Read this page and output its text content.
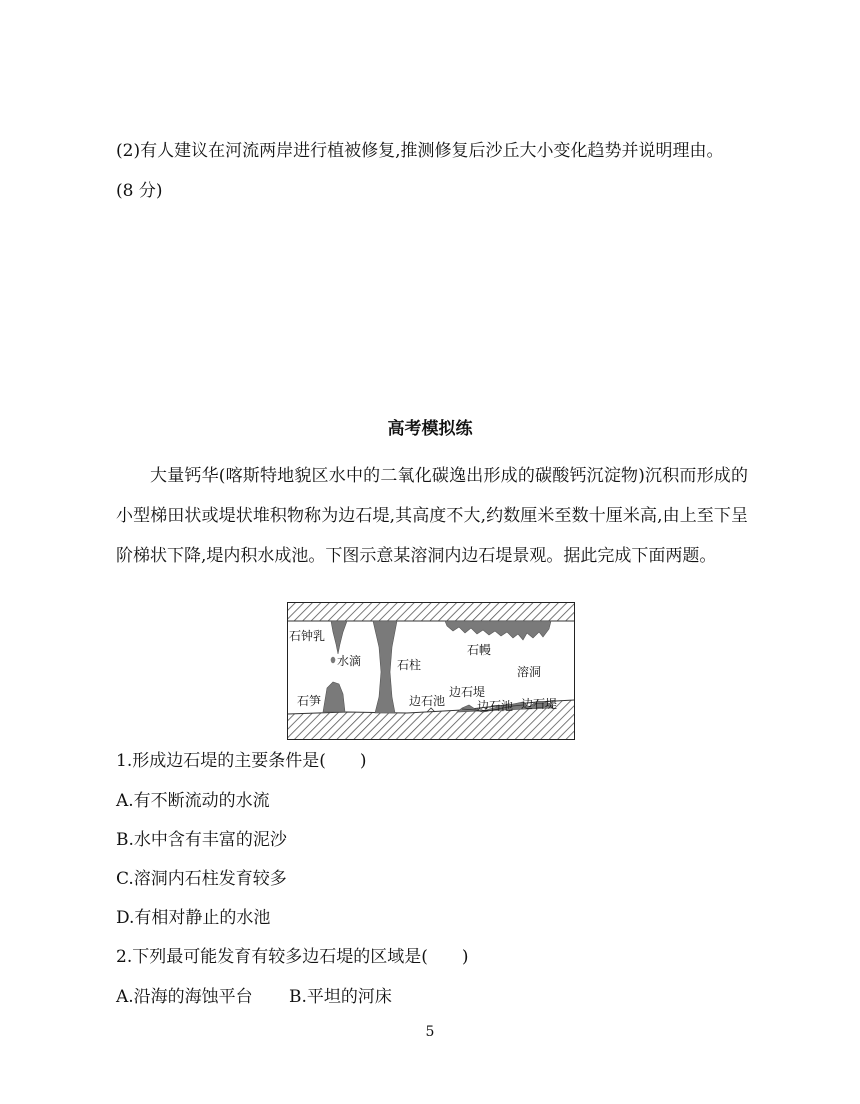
(2)有人建议在河流两岸进行植被修复,推测修复后沙丘大小变化趋势并说明理由。
(8 分)
高考模拟练
大量钙华(喀斯特地貌区水中的二氧化碳逸出形成的碳酸钙沉淀物)沉积而形成的小型梯田状或堤状堆积物称为边石堤,其高度不大,约数厘米至数十厘米高,由上至下呈阶梯状下降,堤内积水成池。下图示意某溶洞内边石堤景观。据此完成下面两题。
石钟乳
水滴
石笋
石柱
石幔
溶洞
边石池
边石堤
边石池 边石堤
1.形成边石堤的主要条件是(　　)
A.有不断流动的水流
B.水中含有丰富的泥沙
C.溶洞内石柱发育较多
D.有相对静止的水池
2.下列最可能发育有较多边石堤的区域是(　　)
A.沿海的海蚀平台 B.平坦的河床
5
